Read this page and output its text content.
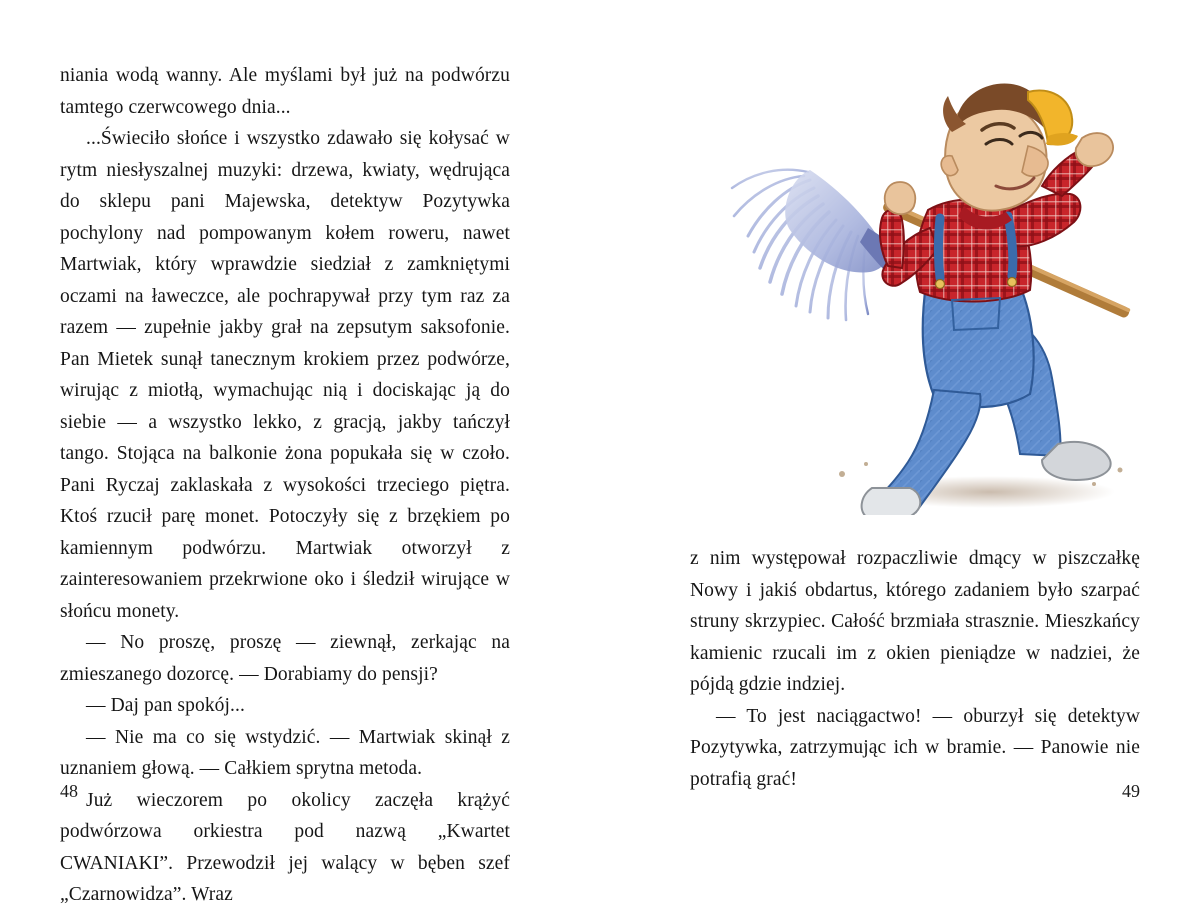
niania wodą wanny. Ale myślami był już na podwórzu tamtego czerwcowego dnia...

...Świeciło słońce i wszystko zdawało się kołysać w rytm niesłyszalnej muzyki: drzewa, kwiaty, wędrująca do sklepu pani Majewska, detektyw Pozytywka pochylony nad pompowanym kołem roweru, nawet Martwiak, który wprawdzie siedział z zamkniętymi oczami na ławeczce, ale pochrapywał przy tym raz za razem — zupełnie jakby grał na zepsutym saksofonie. Pan Mietek sunął tanecznym krokiem przez podwórze, wirując z miotłą, wymachując nią i dociskając ją do siebie — a wszystko lekko, z gracją, jakby tańczył tango. Stojąca na balkonie żona popukała się w czoło. Pani Ryczaj zaklaskała z wysokości trzeciego piętra. Ktoś rzucił parę monet. Potoczyły się z brzękiem po kamiennym podwórzu. Martwiak otworzył z zainteresowaniem przekrwione oko i śledził wirujące w słońcu monety.

— No proszę, proszę — ziewnął, zerkając na zmieszanego dozorcę. — Dorabiamy do pensji?

— Daj pan spokój...

— Nie ma co się wstydzić. — Martwiak skinął z uznaniem głową. — Całkiem sprytna metoda.

Już wieczorem po okolicy zaczęła krążyć podwórzowa orkiestra pod nazwą „Kwartet CWANIAKI”. Przewodził jej walący w bęben szef „Czarnowidza”. Wraz

48

z nim występował rozpaczliwie dmący w piszczałkę Nowy i jakiś obdartus, którego zadaniem było szarpać struny skrzypiec. Całość brzmiała strasznie. Mieszkańcy kamienic rzucali im z okien pieniądze w nadziei, że pójdą gdzie indziej.

— To jest naciągactwo! — oburzył się detektyw Pozytywka, zatrzymując ich w bramie. — Panowie nie potrafią grać!

49
